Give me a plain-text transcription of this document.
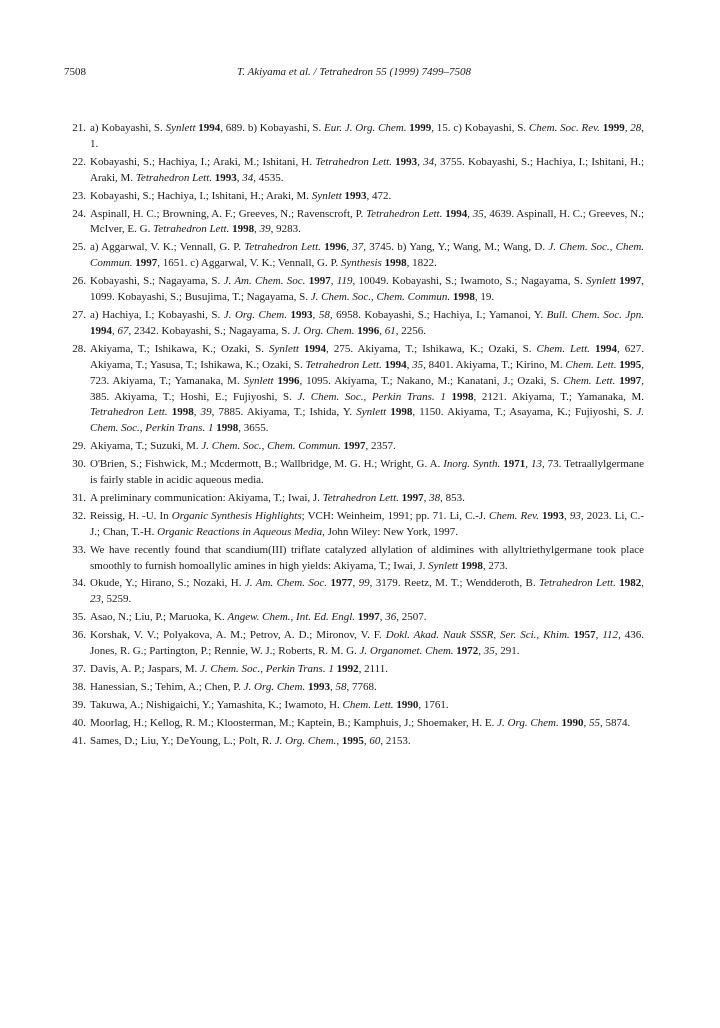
7508	T. Akiyama et al. / Tetrahedron 55 (1999) 7499–7508
21. a) Kobayashi, S. Synlett 1994, 689. b) Kobayashi, S. Eur. J. Org. Chem. 1999, 15. c) Kobayashi, S. Chem. Soc. Rev. 1999, 28, 1.
22. Kobayashi, S.; Hachiya, I.; Araki, M.; Ishitani, H. Tetrahedron Lett. 1993, 34, 3755. Kobayashi, S.; Hachiya, I.; Ishitani, H.; Araki, M. Tetrahedron Lett. 1993, 34, 4535.
23. Kobayashi, S.; Hachiya, I.; Ishitani, H.; Araki, M. Synlett 1993, 472.
24. Aspinall, H. C.; Browning, A. F.; Greeves, N.; Ravenscroft, P. Tetrahedron Lett. 1994, 35, 4639. Aspinall, H. C.; Greeves, N.; McIver, E. G. Tetrahedron Lett. 1998, 39, 9283.
25. a) Aggarwal, V. K.; Vennall, G. P. Tetrahedron Lett. 1996, 37, 3745. b) Yang, Y.; Wang, M.; Wang, D. J. Chem. Soc., Chem. Commun. 1997, 1651. c) Aggarwal, V. K.; Vennall, G. P. Synthesis 1998, 1822.
26. Kobayashi, S.; Nagayama, S. J. Am. Chem. Soc. 1997, 119, 10049. Kobayashi, S.; Iwamoto, S.; Nagayama, S. Synlett 1997, 1099. Kobayashi, S.; Busujima, T.; Nagayama, S. J. Chem. Soc., Chem. Commun. 1998, 19.
27. a) Hachiya, I.; Kobayashi, S. J. Org. Chem. 1993, 58, 6958. Kobayashi, S.; Hachiya, I.; Yamanoi, Y. Bull. Chem. Soc. Jpn. 1994, 67, 2342. Kobayashi, S.; Nagayama, S. J. Org. Chem. 1996, 61, 2256.
28. Akiyama, T.; Ishikawa, K.; Ozaki, S. Synlett 1994, 275. Akiyama, T.; Ishikawa, K.; Ozaki, S. Chem. Lett. 1994, 627. Akiyama, T.; Yasusa, T.; Ishikawa, K.; Ozaki, S. Tetrahedron Lett. 1994, 35, 8401. Akiyama, T.; Kirino, M. Chem. Lett. 1995, 723. Akiyama, T.; Yamanaka, M. Synlett 1996, 1095. Akiyama, T.; Nakano, M.; Kanatani, J.; Ozaki, S. Chem. Lett. 1997, 385. Akiyama, T.; Hoshi, E.; Fujiyoshi, S. J. Chem. Soc., Perkin Trans. 1 1998, 2121. Akiyama, T.; Yamanaka, M. Tetrahedron Lett. 1998, 39, 7885. Akiyama, T.; Ishida, Y. Synlett 1998, 1150. Akiyama, T.; Asayama, K.; Fujiyoshi, S. J. Chem. Soc., Perkin Trans. 1 1998, 3655.
29. Akiyama, T.; Suzuki, M. J. Chem. Soc., Chem. Commun. 1997, 2357.
30. O'Brien, S.; Fishwick, M.; Mcdermott, B.; Wallbridge, M. G. H.; Wright, G. A. Inorg. Synth. 1971, 13, 73. Tetraallylgermane is fairly stable in acidic aqueous media.
31. A preliminary communication: Akiyama, T.; Iwai, J. Tetrahedron Lett. 1997, 38, 853.
32. Reissig, H. -U. In Organic Synthesis Highlights; VCH: Weinheim, 1991; pp. 71. Li, C.-J. Chem. Rev. 1993, 93, 2023. Li, C.-J.; Chan, T.-H. Organic Reactions in Aqueous Media, John Wiley: New York, 1997.
33. We have recently found that scandium(III) triflate catalyzed allylation of aldimines with allyltriethylgermane took place smoothly to furnish homoallylic amines in high yields: Akiyama, T.; Iwai, J. Synlett 1998, 273.
34. Okude, Y.; Hirano, S.; Nozaki, H. J. Am. Chem. Soc. 1977, 99, 3179. Reetz, M. T.; Wendderoth, B. Tetrahedron Lett. 1982, 23, 5259.
35. Asao, N.; Liu, P.; Maruoka, K. Angew. Chem., Int. Ed. Engl. 1997, 36, 2507.
36. Korshak, V. V.; Polyakova, A. M.; Petrov, A. D.; Mironov, V. F. Dokl. Akad. Nauk SSSR, Ser. Sci., Khim. 1957, 112, 436. Jones, R. G.; Partington, P.; Rennie, W. J.; Roberts, R. M. G. J. Organomet. Chem. 1972, 35, 291.
37. Davis, A. P.; Jaspars, M. J. Chem. Soc., Perkin Trans. 1 1992, 2111.
38. Hanessian, S.; Tehim, A.; Chen, P. J. Org. Chem. 1993, 58, 7768.
39. Takuwa, A.; Nishigaichi, Y.; Yamashita, K.; Iwamoto, H. Chem. Lett. 1990, 1761.
40. Moorlag, H.; Kellog, R. M.; Kloosterman, M.; Kaptein, B.; Kamphuis, J.; Shoemaker, H. E. J. Org. Chem. 1990, 55, 5874.
41. Sames, D.; Liu, Y.; DeYoung, L.; Polt, R. J. Org. Chem., 1995, 60, 2153.
